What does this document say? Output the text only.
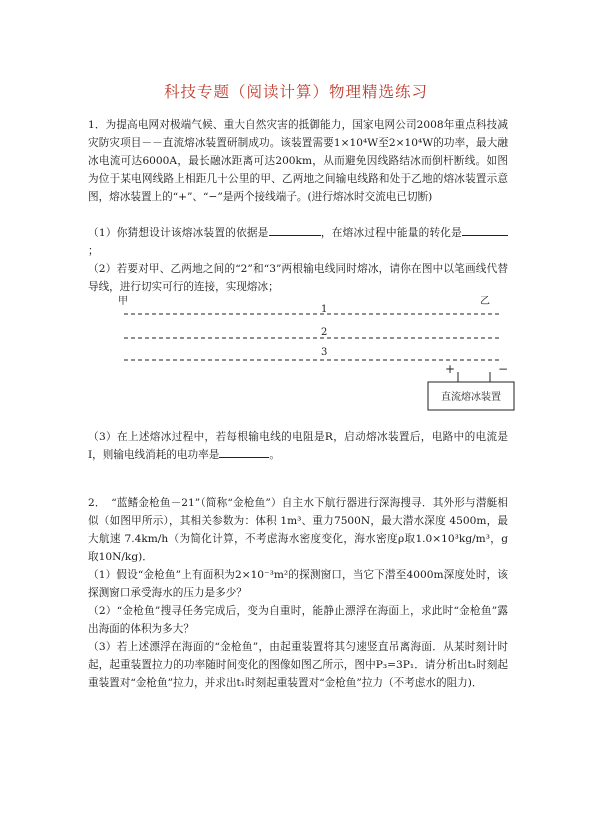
科技专题（阅读计算）物理精选练习

1．为提高电网对极端气候、重大自然灾害的抵御能力，国家电网公司2008年重点科技减灾防灾项目－－直流熔冰装置研制成功。该装置需要1×10⁴W至2×10⁴W的功率，最大融冰电流可达6000A，最长融冰距离可达200km，从而避免因线路结冰而倒杆断线。如图为位于某电网线路上相距几十公里的甲、乙两地之间输电线路和处于乙地的熔冰装置示意图，熔冰装置上的“+”、“−”是两个接线端子。(进行熔冰时交流电已切断)

（1）你猜想设计该熔冰装置的依据是	，在熔冰过程中能量的转化是；

（2）若要对甲、乙两地之间的“2”和“3”两根输电线同时熔冰，请你在图中以笔画线代替导线，进行切实可行的连接，实现熔冰；

甲	乙
1
2
3
+	−
直流熔冰装置

（3）在上述熔冰过程中，若每根输电线的电阻是R，启动熔冰装置后，电路中的电流是I，则输电线消耗的电功率是	。

2．　“蓝鳍金枪鱼－21”（简称“金枪鱼”）自主水下航行器进行深海搜寻．其外形与潜艇相似（如图甲所示），其相关参数为：体积 1m³、重力7500N，最大潜水深度 4500m，最大航速 7.4km/h（为简化计算，不考虑海水密度变化，海水密度ρ取1.0×10³kg/m³，g取10N/kg)．

（1）假设“金枪鱼”上有面积为2×10⁻³m²的探测窗口，当它下潜至4000m深度处时，该探测窗口承受海水的压力是多少？

（2）“金枪鱼”搜寻任务完成后，变为自重时，能静止漂浮在海面上，求此时“金枪鱼”露出海面的体积为多大？

（3）若上述漂浮在海面的“金枪鱼”，由起重装置将其匀速竖直吊离海面．从某时刻计时起，起重装置拉力的功率随时间变化的图像如图乙所示，图中P₃=3P₁．请分析出t₃时刻起重装置对“金枪鱼”拉力，并求出t₁时刻起重装置对“金枪鱼”拉力（不考虑水的阻力)．
